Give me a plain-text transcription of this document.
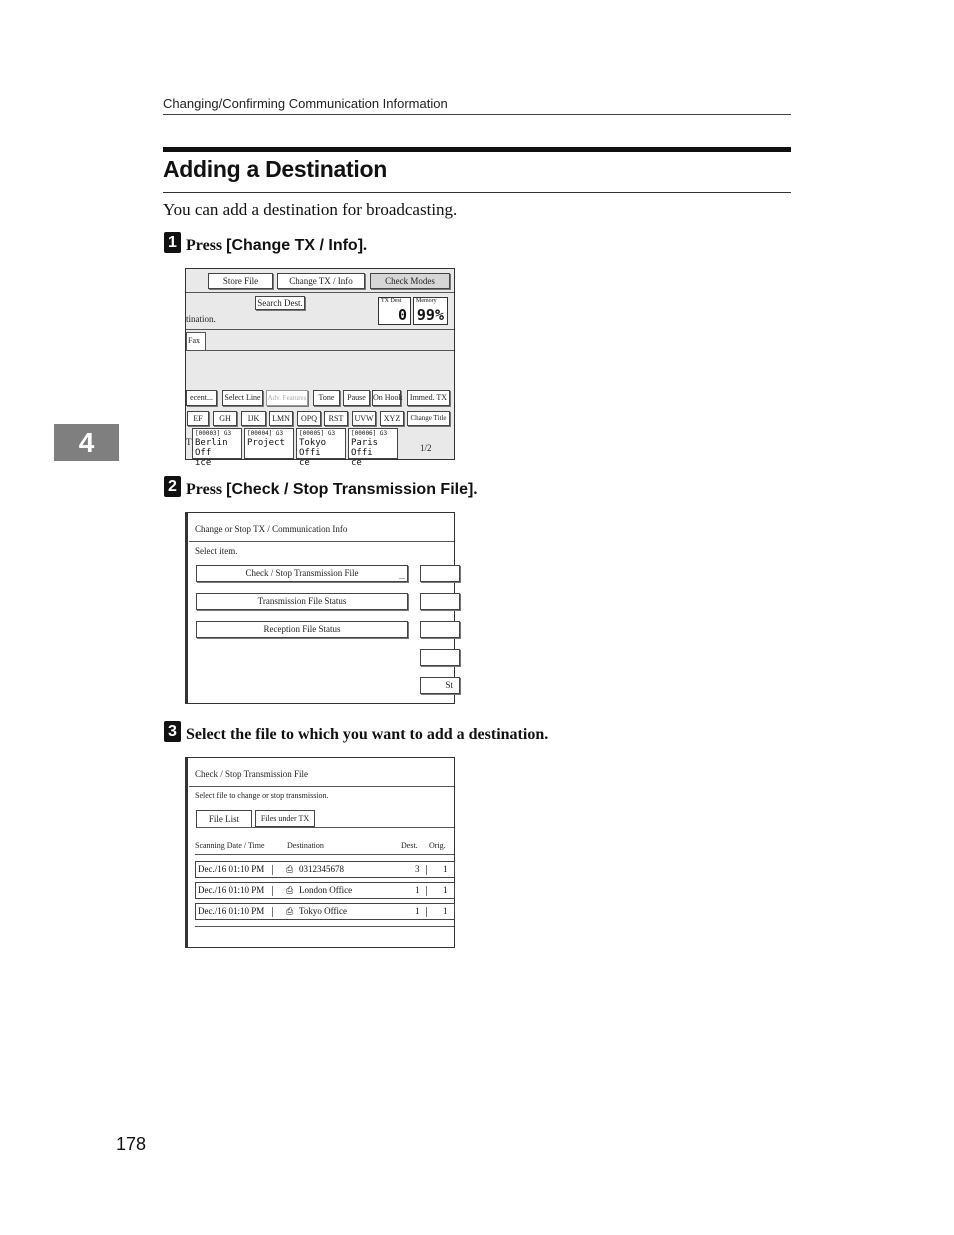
Changing/Confirming Communication Information
Adding a Destination
You can add a destination for broadcasting.
4
1 Press [Change TX / Info].
Store File	Change TX / Info	Check Modes
Search Dest.
tination.
TX Dest
0
Memory
99%
Fax
ecent...	Select Line Adv. Features	Tone	Pause On Hook Immed. TX
EF	GH	IJK	LMN	OPQ	RST	UVW	XYZ	Change Title
T
[00003] G3
Berlin Off
ice
[00004] G3
Project
[00005] G3
Tokyo Offi
ce
[00006] G3
Paris Offi
ce
1/2
2 Press [Check / Stop Transmission File].
Change or Stop TX / Communication Info
Select item.
Check / Stop Transmission File	...
Transmission File Status
Reception File Status
St
3 Select the file to which you want to add a destination.
Check / Stop Transmission File
Select file to change or stop transmission.
File List	Files under TX
Scanning Date / Time	Destination	Dest. Orig.
Dec./16 01:10 PM ⎙ 0312345678	3	1
Dec./16 01:10 PM ⎙ London Office	1	1
Dec./16 01:10 PM ⎙ Tokyo Office	1	1
178
